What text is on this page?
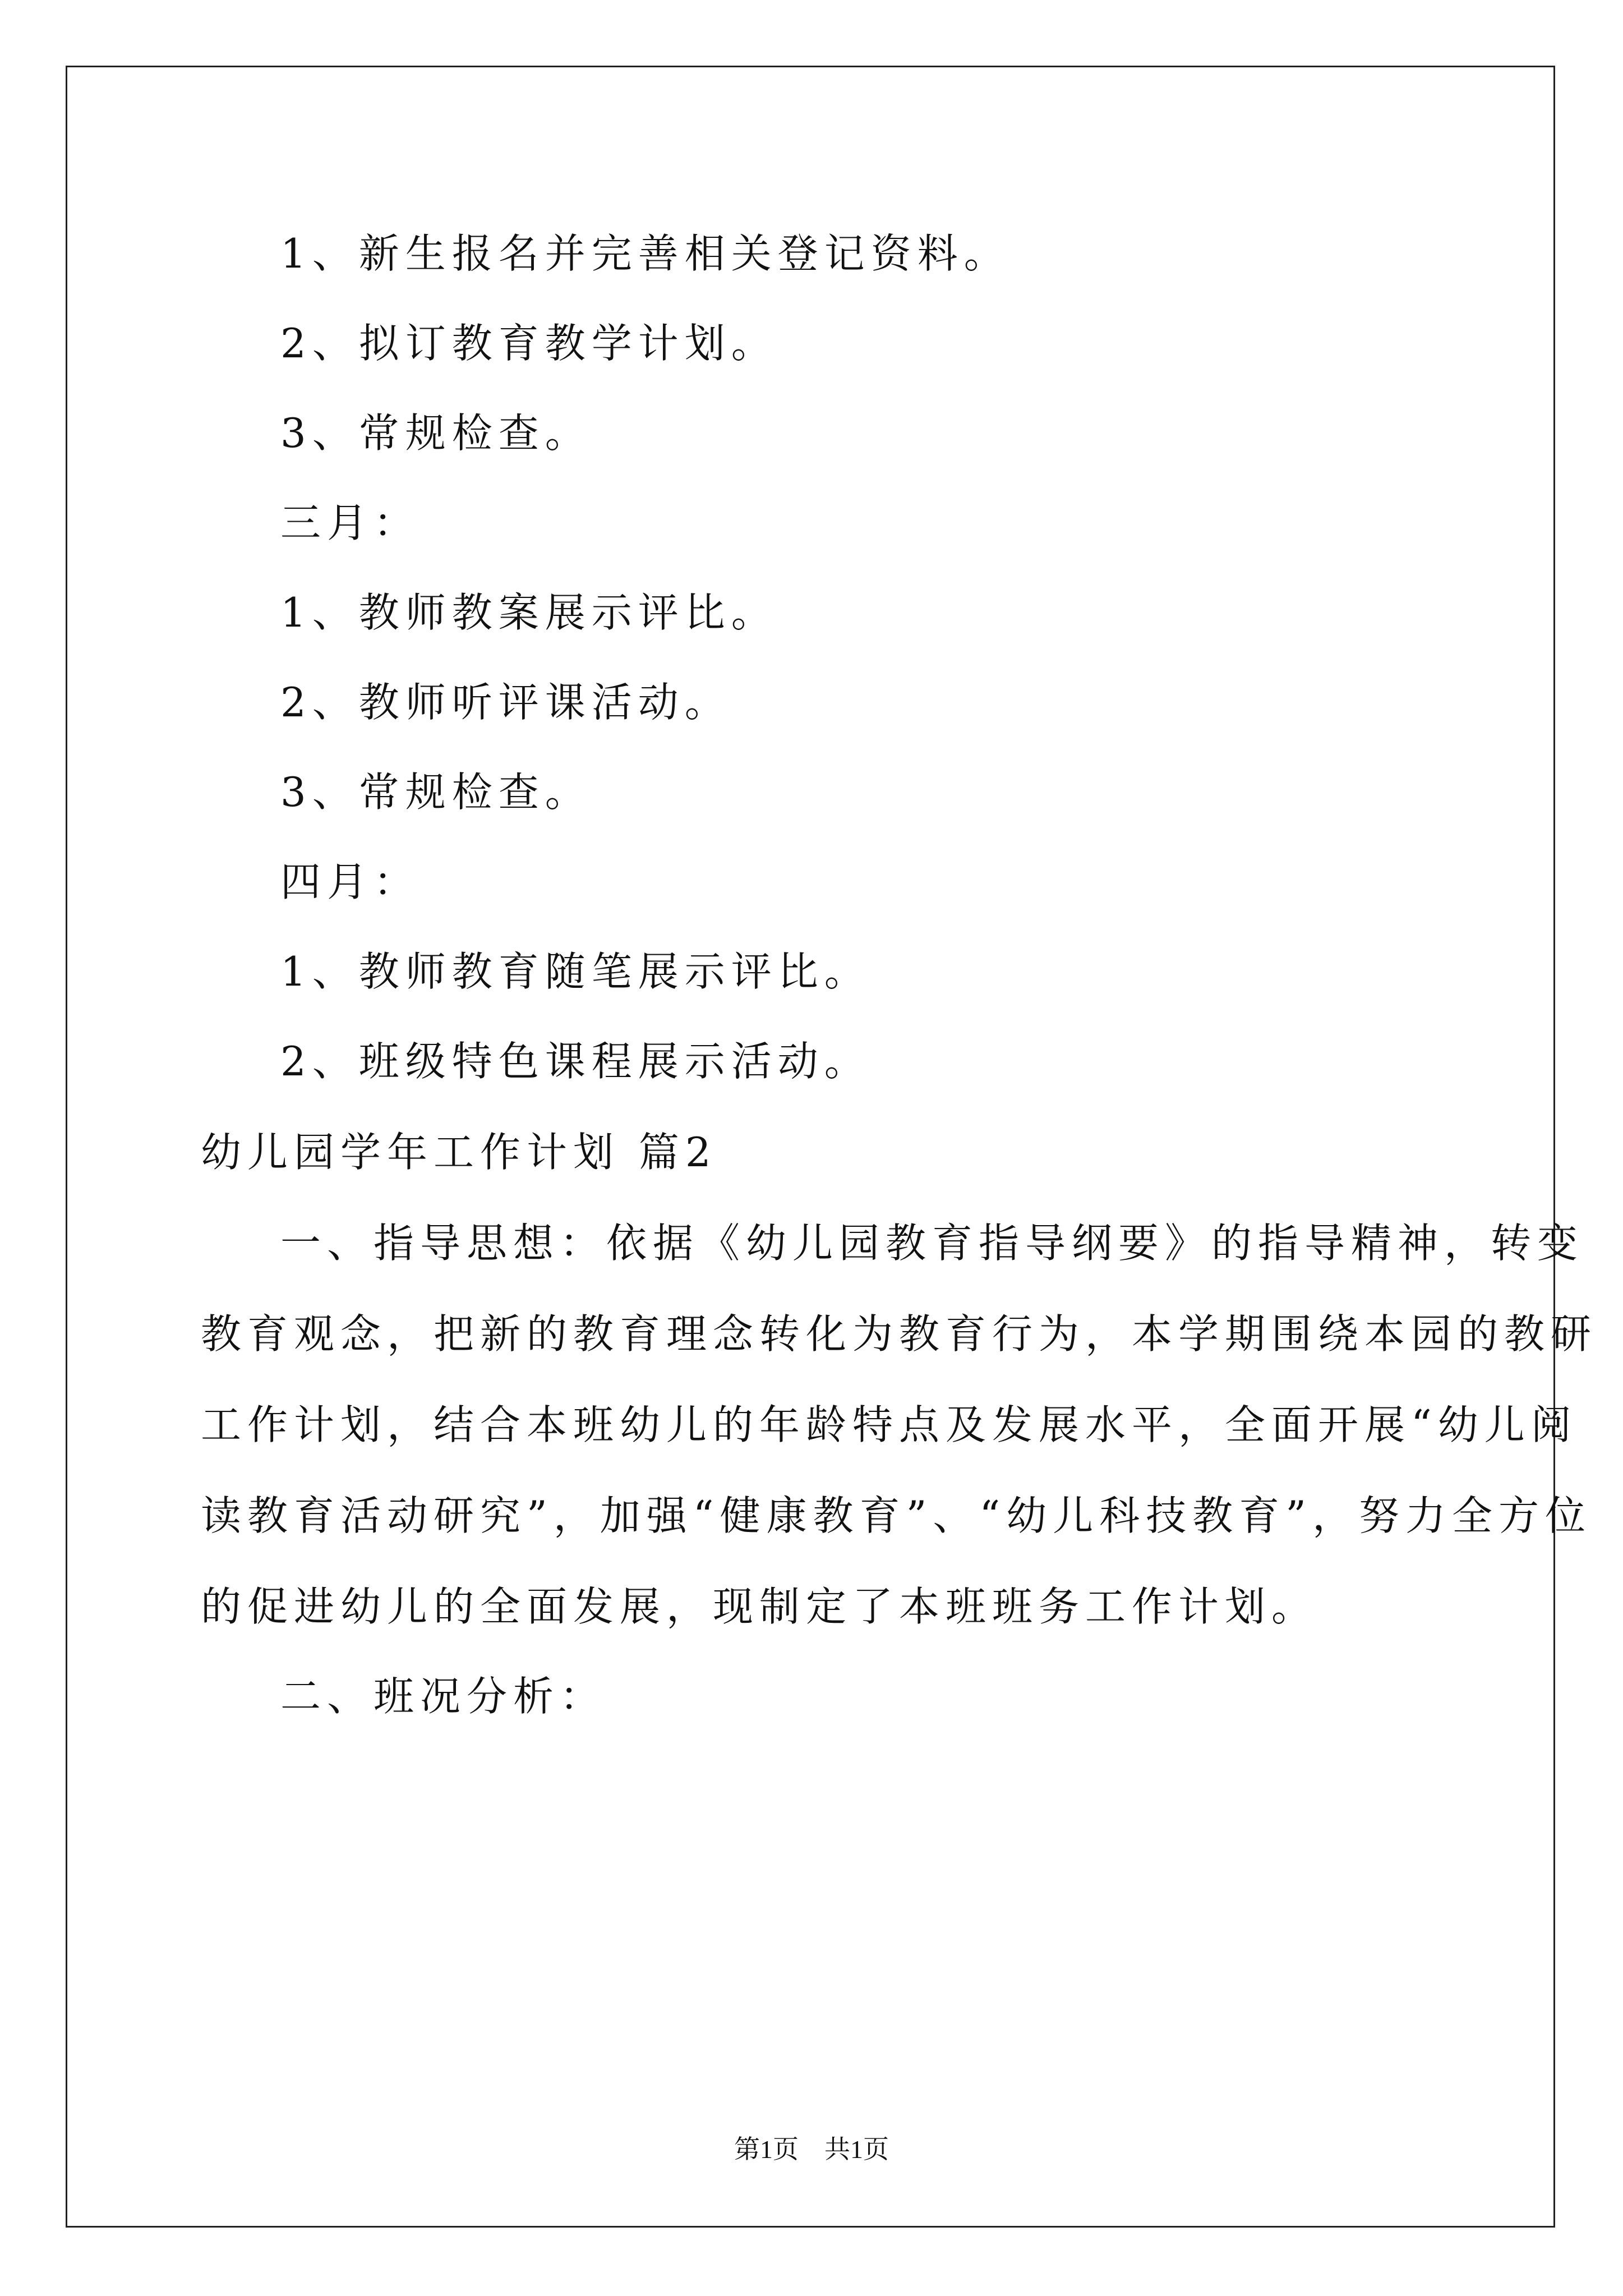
1、新生报名并完善相关登记资料。
2、拟订教育教学计划。
3、常规检查。
三月：
1、教师教案展示评比。
2、教师听评课活动。
3、常规检查。
四月：
1、教师教育随笔展示评比。
2、班级特色课程展示活动。
幼儿园学年工作计划 篇2
一、指导思想：依据《幼儿园教育指导纲要》的指导精神，转变
教育观念，把新的教育理念转化为教育行为，本学期围绕本园的教研
工作计划，结合本班幼儿的年龄特点及发展水平，全面开展“幼儿阅
读教育活动研究”，加强“健康教育”、“幼儿科技教育”，努力全方位
的促进幼儿的全面发展，现制定了本班班务工作计划。
二、班况分析：
第1页　共1页
